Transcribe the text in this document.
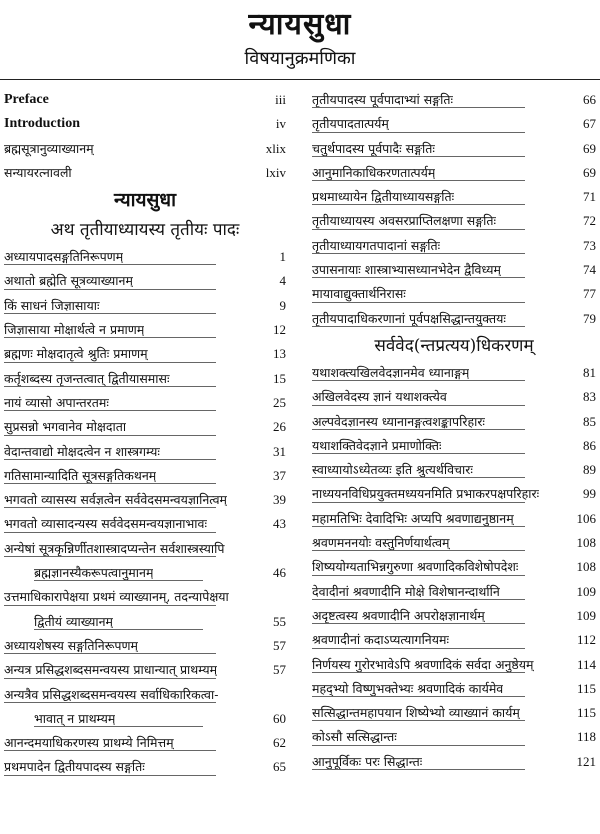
न्यायसुधा
विषयानुक्रमणिका
Preface	iii
Introduction	iv
ब्रह्मसूत्रानुव्याख्यानम्	xlix
सन्यायरत्नावली	lxiv
न्यायसुधा
अथ तृतीयाध्यायस्य तृतीयः पादः
अध्यायपादसङ्गतिनिरूपणम्	1
अथातो ब्रह्मेति सूत्रव्याख्यानम्	4
किं साधनं जिज्ञासायाः	9
जिज्ञासाया मोक्षार्थत्वे न प्रमाणम्	12
ब्रह्मणः मोक्षदातृत्वे श्रुतिः प्रमाणम्	13
कर्तृशब्दस्य तृजन्तत्वात् द्वितीयासमासः	15
नायं व्यासो अपान्तरतमः	25
सुप्रसन्नो भगवानेव मोक्षदाता	26
वेदान्तवाद्यो मोक्षदत्वेन न शास्त्रगम्यः	31
गतिसामान्यादिति सूत्रसङ्गतिकथनम्	37
भगवतो व्यासस्य सर्वज्ञत्वेन सर्ववेदसमन्वयज्ञानित्वम्	39
भगवतो व्यासादन्यस्य सर्ववेदसमन्वयज्ञानाभावः	43
अन्येषां सूत्रकृन्निर्णीतशास्त्रादप्यन्तेन सर्वशास्त्रस्यापि
ब्रह्मज्ञानस्यैकरूपत्वानुमानम्	46
उत्तमाधिकारापेक्षया प्रथमं व्याख्यानम्, तदन्यापेक्षया
द्वितीयं व्याख्यानम्	55
अध्यायशेषस्य सङ्गतिनिरूपणम्	57
अन्यत्र प्रसिद्धशब्दसमन्वयस्य प्राधान्यात् प्राथम्यम्	57
अन्यत्रैव प्रसिद्धशब्दसमन्वयस्य सर्वाधिकारिकत्वा-
भावात् न प्राथम्यम्	60
आनन्दमयाधिकरणस्य प्राथम्ये निमित्तम्	62
प्रथमपादेन द्वितीयपादस्य सङ्गतिः	65
तृतीयपादस्य पूर्वपादाभ्यां सङ्गतिः	66
तृतीयपादतात्पर्यम्	67
चतुर्थपादस्य पूर्वपादैः सङ्गतिः	69
आनुमानिकाधिकरणतात्पर्यम्	69
प्रथमाध्यायेन द्वितीयाध्यायसङ्गतिः	71
तृतीयाध्यायस्य अवसरप्राप्तिलक्षणा सङ्गतिः	72
तृतीयाध्यायगतपादानां सङ्गतिः	73
उपासनायाः शास्त्राभ्यासध्यानभेदेन द्वैविध्यम्	74
मायावाद्युक्तार्थनिरासः	77
तृतीयपादाधिकरणानां पूर्वपक्षसिद्धान्तयुक्तयः	79
सर्ववेद(न्तप्रत्यय)धिकरणम्
यथाशक्त्यखिलवेदज्ञानमेव ध्यानाङ्गम्	81
अखिलवेदस्य ज्ञानं यथाशक्त्येव	83
अल्पवेदज्ञानस्य ध्यानानङ्गत्वशङ्कापरिहारः	85
यथाशक्तिवेदज्ञाने प्रमाणोक्तिः	86
स्वाध्यायोऽध्येतव्यः इति श्रुत्यर्थविचारः	89
नाध्ययनविधिप्रयुक्तमध्ययनमिति प्रभाकरपक्षपरिहारः	99
महामतिभिः देवादिभिः अप्यपि श्रवणाद्यनुष्ठानम्	106
श्रवणमननयोः वस्तुनिर्णयार्थत्वम्	108
शिष्ययोग्यताभिन्नगुरुणा श्रवणादिकविशेषोपदेशः	108
देवादीनां श्रवणादीनि मोक्षे विशेषानन्दार्थानि	109
अदृष्टत्वस्य श्रवणादीनि अपरोक्षज्ञानार्थम्	109
श्रवणादीनां कदाऽप्यत्यागनियमः	112
निर्णयस्य गुरोरभावेऽपि श्रवणादिकं सर्वदा अनुष्ठेयम्	114
महद्भ्यो विष्णुभक्तेभ्यः श्रवणादिकं कार्यमेव	115
सत्सिद्धान्तमहापयान शिष्येभ्यो व्याख्यानं कार्यम्	115
कोऽसौ सत्सिद्धान्तः	118
आनुपूर्विकः परः सिद्धान्तः	121
